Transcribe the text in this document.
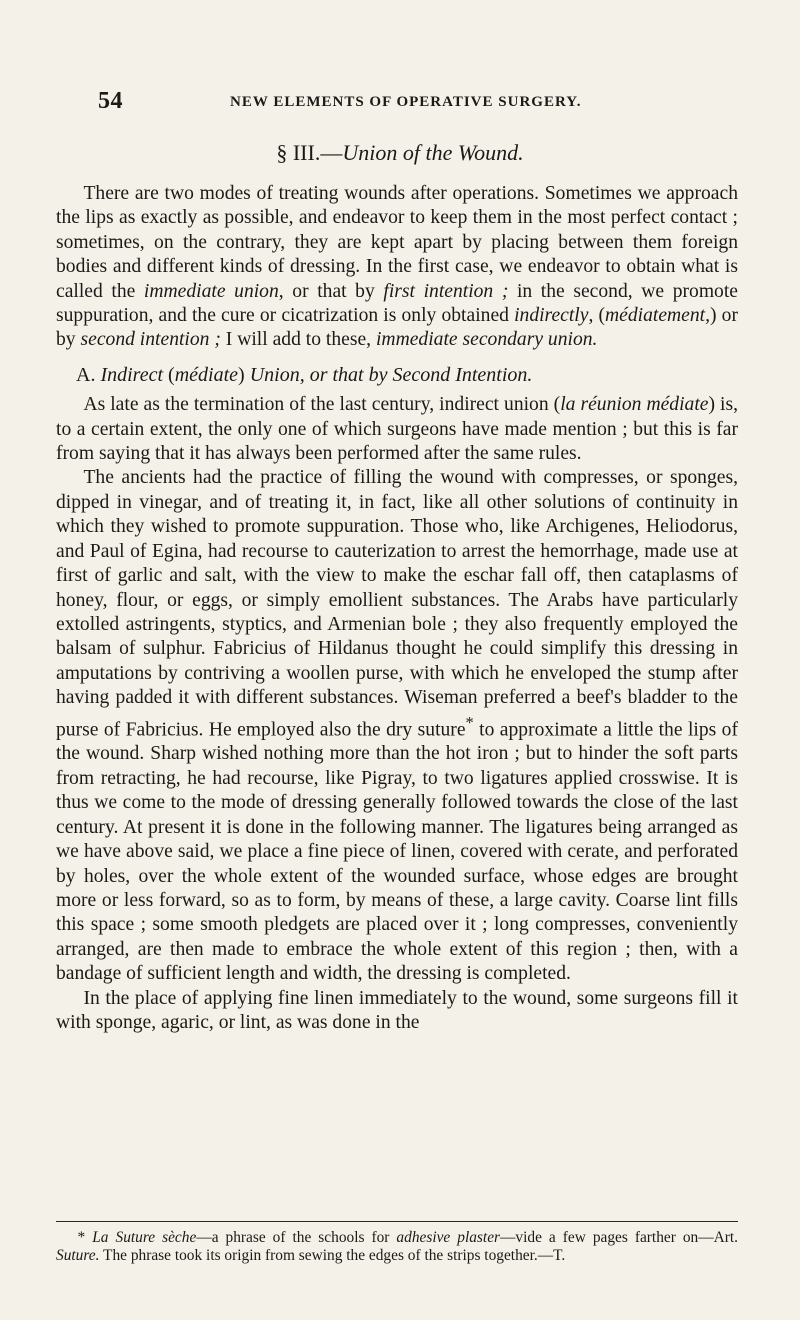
54	NEW ELEMENTS OF OPERATIVE SURGERY.
§ III.—Union of the Wound.

There are two modes of treating wounds after operations. Sometimes we approach the lips as exactly as possible, and endeavor to keep them in the most perfect contact ; sometimes, on the contrary, they are kept apart by placing between them foreign bodies and different kinds of dressing. In the first case, we endeavor to obtain what is called the immediate union, or that by first intention ; in the second, we promote suppuration, and the cure or cicatrization is only obtained indirectly, (médiatement,) or by second intention ; I will add to these, immediate secondary union.

A. Indirect (médiate) Union, or that by Second Intention.

As late as the termination of the last century, indirect union (la réunion médiate) is, to a certain extent, the only one of which surgeons have made mention ; but this is far from saying that it has always been performed after the same rules.

The ancients had the practice of filling the wound with compresses, or sponges, dipped in vinegar, and of treating it, in fact, like all other solutions of continuity in which they wished to promote suppuration. Those who, like Archigenes, Heliodorus, and Paul of Egina, had recourse to cauterization to arrest the hemorrhage, made use at first of garlic and salt, with the view to make the eschar fall off, then cataplasms of honey, flour, or eggs, or simply emollient substances. The Arabs have particularly extolled astringents, styptics, and Armenian bole ; they also frequently employed the balsam of sulphur. Fabricius of Hildanus thought he could simplify this dressing in amputations by contriving a woollen purse, with which he enveloped the stump after having padded it with different substances. Wiseman preferred a beef's bladder to the purse of Fabricius. He employed also the dry suture* to approximate a little the lips of the wound. Sharp wished nothing more than the hot iron ; but to hinder the soft parts from retracting, he had recourse, like Pigray, to two ligatures applied crosswise. It is thus we come to the mode of dressing generally followed towards the close of the last century. At present it is done in the following manner. The ligatures being arranged as we have above said, we place a fine piece of linen, covered with cerate, and perforated by holes, over the whole extent of the wounded surface, whose edges are brought more or less forward, so as to form, by means of these, a large cavity. Coarse lint fills this space ; some smooth pledgets are placed over it ; long compresses, conveniently arranged, are then made to embrace the whole extent of this region ; then, with a bandage of sufficient length and width, the dressing is completed.

In the place of applying fine linen immediately to the wound, some surgeons fill it with sponge, agaric, or lint, as was done in the

* La Suture sèche—a phrase of the schools for adhesive plaster—vide a few pages farther on—Art. Suture. The phrase took its origin from sewing the edges of the strips together.—T.
